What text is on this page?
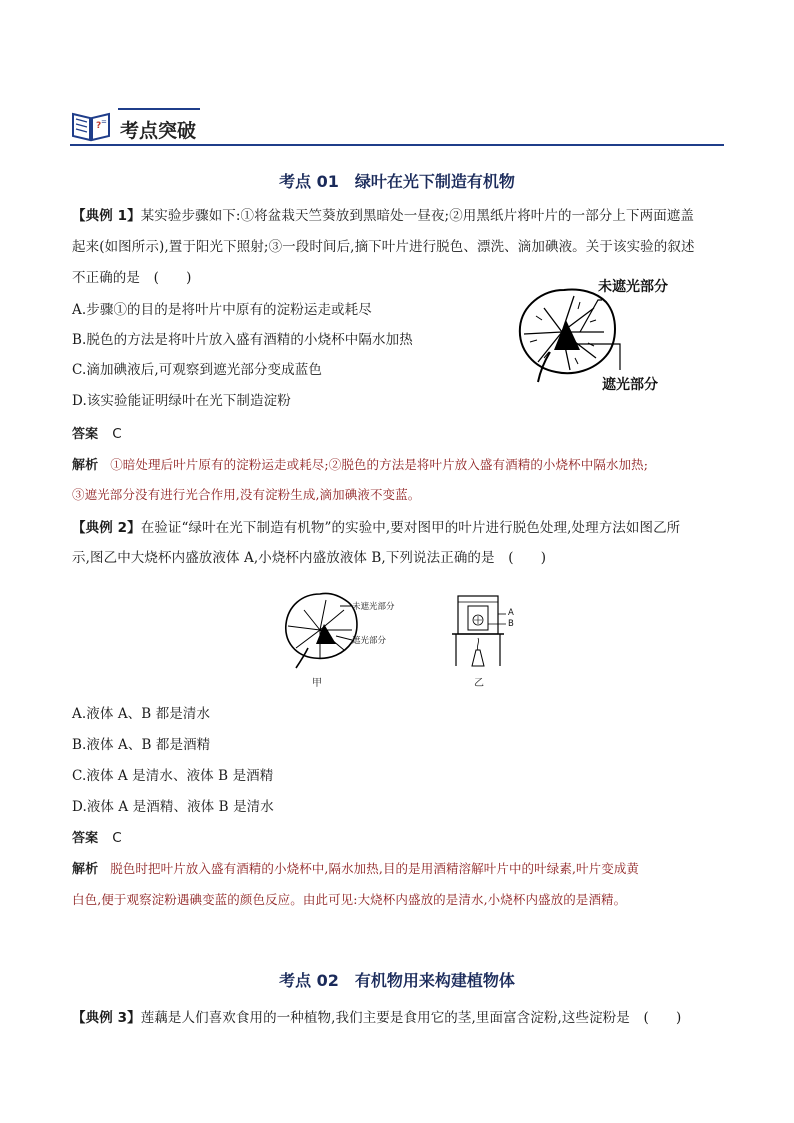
? = 考点突破
考点 01　绿叶在光下制造有机物
【典例 1】某实验步骤如下:①将盆栽天竺葵放到黑暗处一昼夜;②用黑纸片将叶片的一部分上下两面遮盖
起来(如图所示),置于阳光下照射;③一段时间后,摘下叶片进行脱色、漂洗、滴加碘液。关于该实验的叙述
不正确的是　(　　)
A.步骤①的目的是将叶片中原有的淀粉运走或耗尽
B.脱色的方法是将叶片放入盛有酒精的小烧杯中隔水加热
C.滴加碘液后,可观察到遮光部分变成蓝色
D.该实验能证明绿叶在光下制造淀粉
未遮光部分
遮光部分
答案 C
解析 ①暗处理后叶片原有的淀粉运走或耗尽;②脱色的方法是将叶片放入盛有酒精的小烧杯中隔水加热;
③遮光部分没有进行光合作用,没有淀粉生成,滴加碘液不变蓝。
【典例 2】在验证“绿叶在光下制造有机物”的实验中,要对图甲的叶片进行脱色处理,处理方法如图乙所
示,图乙中大烧杯内盛放液体 A,小烧杯内盛放液体 B,下列说法正确的是　(　　)
未遮光部分
遮光部分
甲
A
B
乙
A.液体 A、B 都是清水
B.液体 A、B 都是酒精
C.液体 A 是清水、液体 B 是酒精
D.液体 A 是酒精、液体 B 是清水
答案 C
解析 脱色时把叶片放入盛有酒精的小烧杯中,隔水加热,目的是用酒精溶解叶片中的叶绿素,叶片变成黄
白色,便于观察淀粉遇碘变蓝的颜色反应。由此可见:大烧杯内盛放的是清水,小烧杯内盛放的是酒精。
考点 02　有机物用来构建植物体
【典例 3】莲藕是人们喜欢食用的一种植物,我们主要是食用它的茎,里面富含淀粉,这些淀粉是　(　　)
